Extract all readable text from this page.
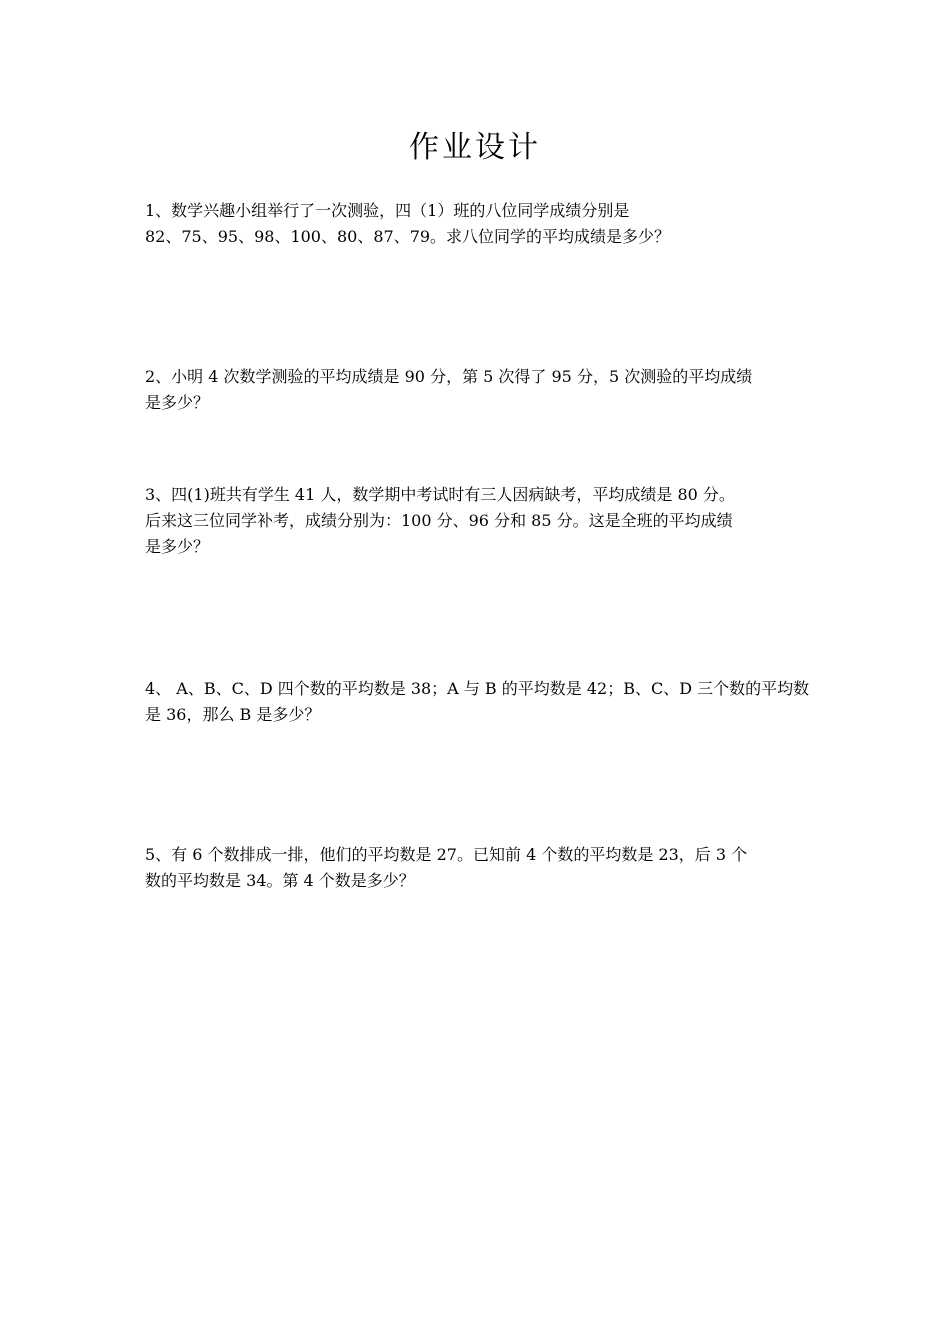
作业设计

1、数学兴趣小组举行了一次测验，四（1）班的八位同学成绩分别是
82、75、95、98、100、80、87、79。求八位同学的平均成绩是多少？

2、小明 4 次数学测验的平均成绩是 90 分，第 5 次得了 95 分，5 次测验的平均成绩
是多少？

3、四(1)班共有学生 41 人，数学期中考试时有三人因病缺考，平均成绩是 80 分。
后来这三位同学补考，成绩分别为：100 分、96 分和 85 分。这是全班的平均成绩
是多少？

4、 A、B、C、D 四个数的平均数是 38；A 与 B 的平均数是 42；B、C、D 三个数的平均数
是 36，那么 B 是多少？

5、有 6 个数排成一排，他们的平均数是 27。已知前 4 个数的平均数是 23，后 3 个
数的平均数是 34。第 4 个数是多少？
